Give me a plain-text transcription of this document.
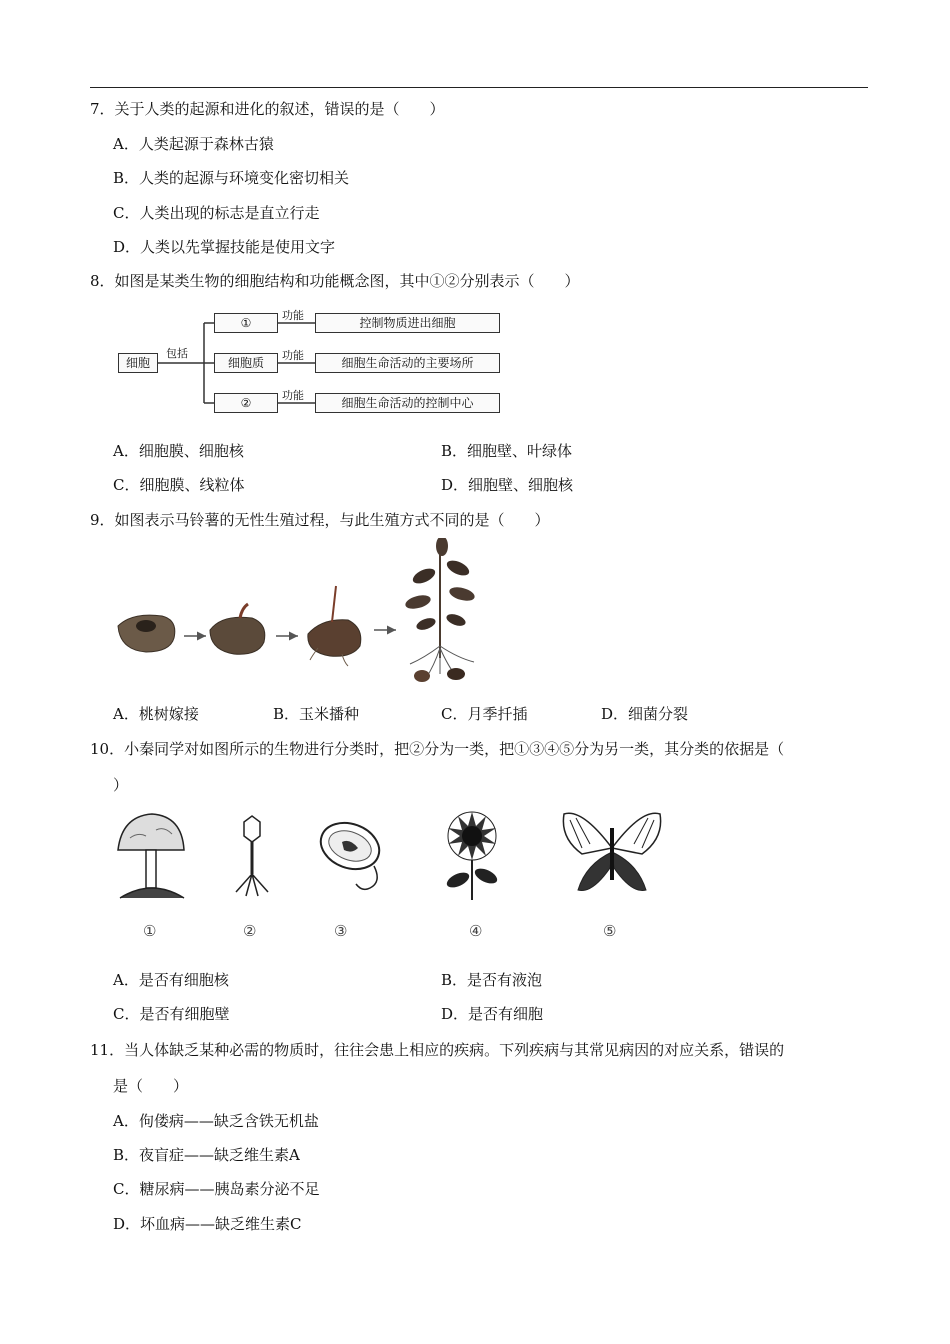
7．关于人类的起源和进化的叙述，错误的是（　　）
A．人类起源于森林古猿
B．人类的起源与环境变化密切相关
C．人类出现的标志是直立行走
D．人类以先掌握技能是使用文字
8．如图是某类生物的细胞结构和功能概念图，其中①②分别表示（　　）
细胞
包括
①
细胞质
②
功能
功能
功能
控制物质进出细胞
细胞生命活动的主要场所
细胞生命活动的控制中心
A．细胞膜、细胞核	B．细胞壁、叶绿体
C．细胞膜、线粒体	D．细胞壁、细胞核
9．如图表示马铃薯的无性生殖过程，与此生殖方式不同的是（　　）
A．桃树嫁接	B．玉米播种	C．月季扦插	D．细菌分裂
10．小秦同学对如图所示的生物进行分类时，把②分为一类，把①③④⑤分为另一类，其分类的依据是（
）
①	②	③	④	⑤
A．是否有细胞核	B．是否有液泡
C．是否有细胞壁	D．是否有细胞
11．当人体缺乏某种必需的物质时，往往会患上相应的疾病。下列疾病与其常见病因的对应关系，错误的
是（　　）
A．佝偻病——缺乏含铁无机盐
B．夜盲症——缺乏维生素A
C．糖尿病——胰岛素分泌不足
D．坏血病——缺乏维生素C
